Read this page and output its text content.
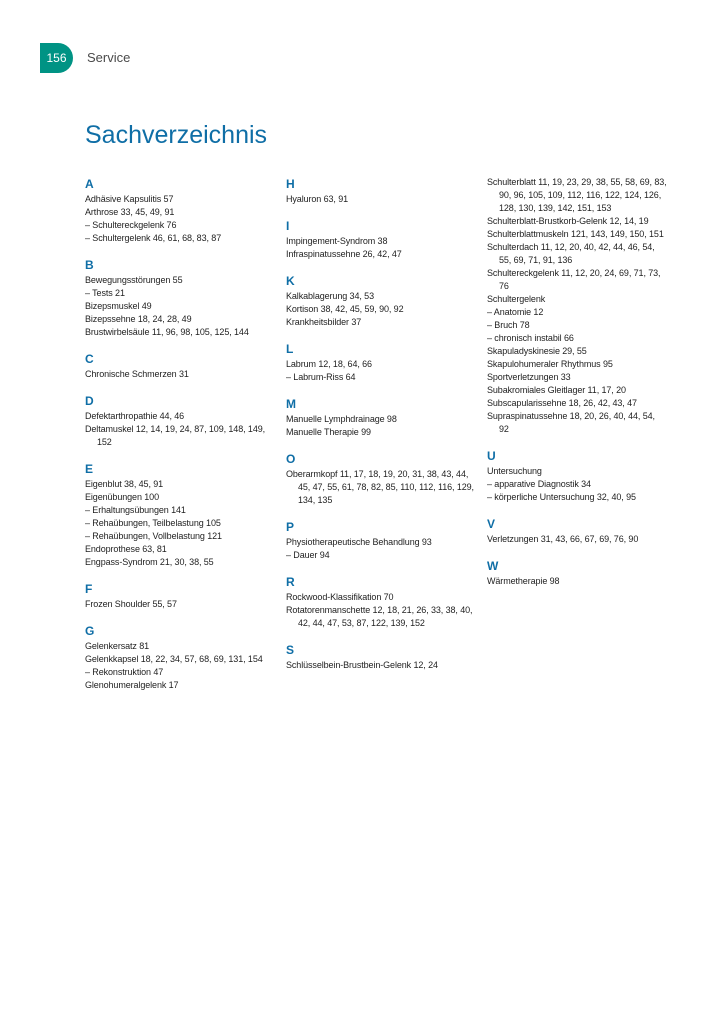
156	Service
Sachverzeichnis
A
Adhäsive Kapsulitis 57
Arthrose 33, 45, 49, 91
– Schultereckgelenk 76
– Schultergelenk 46, 61, 68, 83, 87
B
Bewegungsstörungen 55
– Tests 21
Bizepsmuskel 49
Bizepssehne 18, 24, 28, 49
Brustwirbelsäule 11, 96, 98, 105, 125, 144
C
Chronische Schmerzen 31
D
Defektarthropathie 44, 46
Deltamuskel 12, 14, 19, 24, 87, 109, 148, 149, 152
E
Eigenblut 38, 45, 91
Eigenübungen 100
– Erhaltungsübungen 141
– Rehaübungen, Teilbelastung 105
– Rehaübungen, Vollbelastung 121
Endoprothese 63, 81
Engpass-Syndrom 21, 30, 38, 55
F
Frozen Shoulder 55, 57
G
Gelenkersatz 81
Gelenkkapsel 18, 22, 34, 57, 68, 69, 131, 154
– Rekonstruktion 47
Glenohumeralgelenk 17
H
Hyaluron 63, 91
I
Impingement-Syndrom 38
Infraspinatussehne 26, 42, 47
K
Kalkablagerung 34, 53
Kortison 38, 42, 45, 59, 90, 92
Krankheitsbilder 37
L
Labrum 12, 18, 64, 66
– Labrum-Riss 64
M
Manuelle Lymphdrainage 98
Manuelle Therapie 99
O
Oberarmkopf 11, 17, 18, 19, 20, 31, 38, 43, 44, 45, 47, 55, 61, 78, 82, 85, 110, 112, 116, 129, 134, 135
P
Physiotherapeutische Behandlung 93
– Dauer 94
R
Rockwood-Klassifikation 70
Rotatorenmanschette 12, 18, 21, 26, 33, 38, 40, 42, 44, 47, 53, 87, 122, 139, 152
S
Schlüsselbein-Brustbein-Gelenk 12, 24
Schulterblatt 11, 19, 23, 29, 38, 55, 58, 69, 83, 90, 96, 105, 109, 112, 116, 122, 124, 126, 128, 130, 139, 142, 151, 153
Schulterblatt-Brustkorb-Gelenk 12, 14, 19
Schulterblattmuskeln 121, 143, 149, 150, 151
Schulterdach 11, 12, 20, 40, 42, 44, 46, 54, 55, 69, 71, 91, 136
Schultereckgelenk 11, 12, 20, 24, 69, 71, 73, 76
Schultergelenk
– Anatomie 12
– Bruch 78
– chronisch instabil 66
Skapuladyskinesie 29, 55
Skapulohumeraler Rhythmus 95
Sportverletzungen 33
Subakromiales Gleitlager 11, 17, 20
Subscapularissehne 18, 26, 42, 43, 47
Supraspinatussehne 18, 20, 26, 40, 44, 54, 92
U
Untersuchung
– apparative Diagnostik 34
– körperliche Untersuchung 32, 40, 95
V
Verletzungen 31, 43, 66, 67, 69, 76, 90
W
Wärmetherapie 98
